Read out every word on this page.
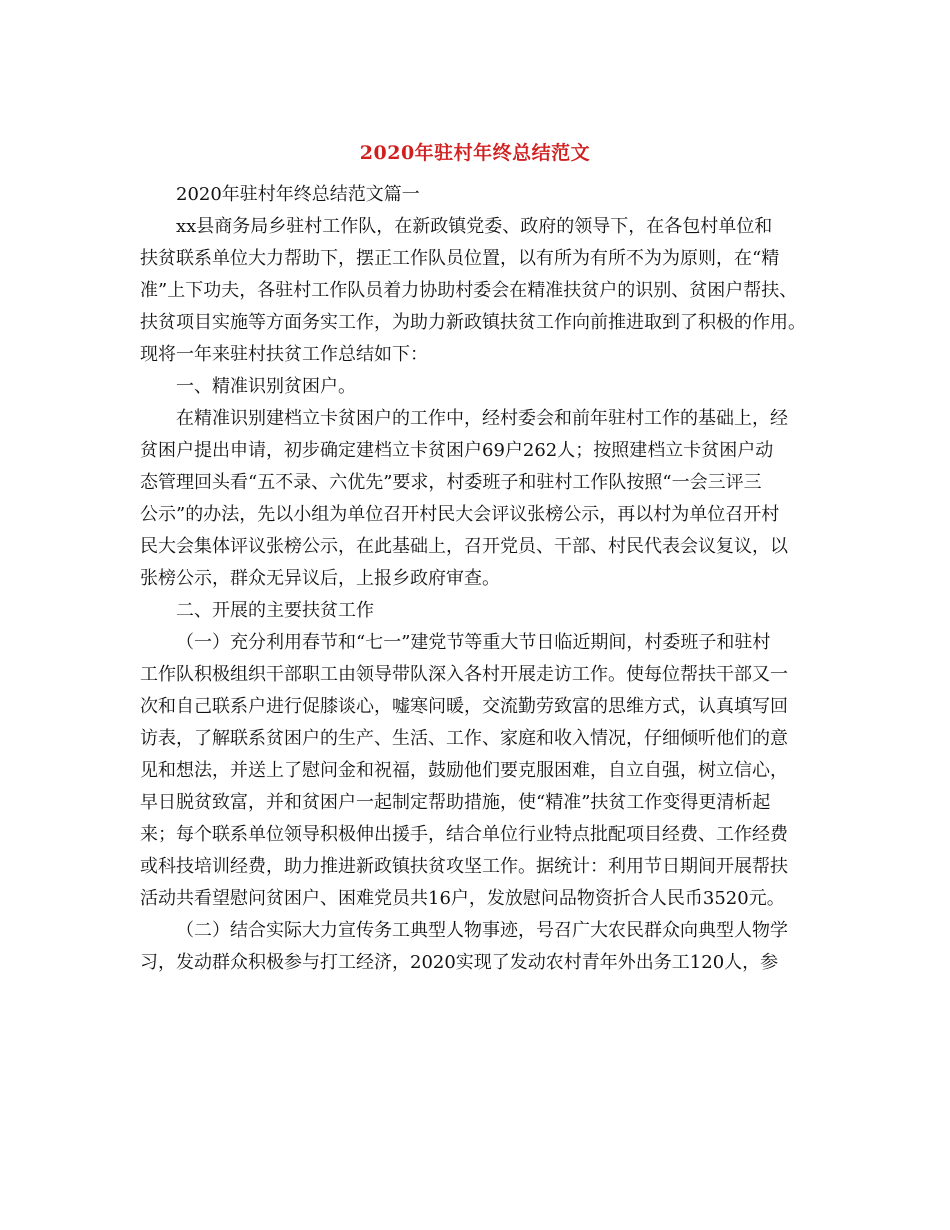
2020年驻村年终总结范文
2020年驻村年终总结范文篇一
xx县商务局乡驻村工作队，在新政镇党委、政府的领导下，在各包村单位和
扶贫联系单位大力帮助下，摆正工作队员位置，以有所为有所不为为原则，在“精
准”上下功夫，各驻村工作队员着力协助村委会在精准扶贫户的识别、贫困户帮扶、
扶贫项目实施等方面务实工作，为助力新政镇扶贫工作向前推进取到了积极的作用。
现将一年来驻村扶贫工作总结如下：
一、精准识别贫困户。
在精准识别建档立卡贫困户的工作中，经村委会和前年驻村工作的基础上，经
贫困户提出申请，初步确定建档立卡贫困户69户262人；按照建档立卡贫困户动
态管理回头看“五不录、六优先”要求，村委班子和驻村工作队按照“一会三评三
公示”的办法，先以小组为单位召开村民大会评议张榜公示，再以村为单位召开村
民大会集体评议张榜公示，在此基础上，召开党员、干部、村民代表会议复议，以
张榜公示，群众无异议后，上报乡政府审查。
二、开展的主要扶贫工作
（一）充分利用春节和“七一”建党节等重大节日临近期间，村委班子和驻村
工作队积极组织干部职工由领导带队深入各村开展走访工作。使每位帮扶干部又一
次和自己联系户进行促膝谈心，嘘寒问暖，交流勤劳致富的思维方式，认真填写回
访表，了解联系贫困户的生产、生活、工作、家庭和收入情况，仔细倾听他们的意
见和想法，并送上了慰问金和祝福，鼓励他们要克服困难，自立自强，树立信心，
早日脱贫致富，并和贫困户一起制定帮助措施，使“精准”扶贫工作变得更清析起
来；每个联系单位领导积极伸出援手，结合单位行业特点批配项目经费、工作经费
或科技培训经费，助力推进新政镇扶贫攻坚工作。据统计：利用节日期间开展帮扶
活动共看望慰问贫困户、困难党员共16户，发放慰问品物资折合人民币3520元。
（二）结合实际大力宣传务工典型人物事迹，号召广大农民群众向典型人物学
习，发动群众积极参与打工经济，2020实现了发动农村青年外出务工120人，参
